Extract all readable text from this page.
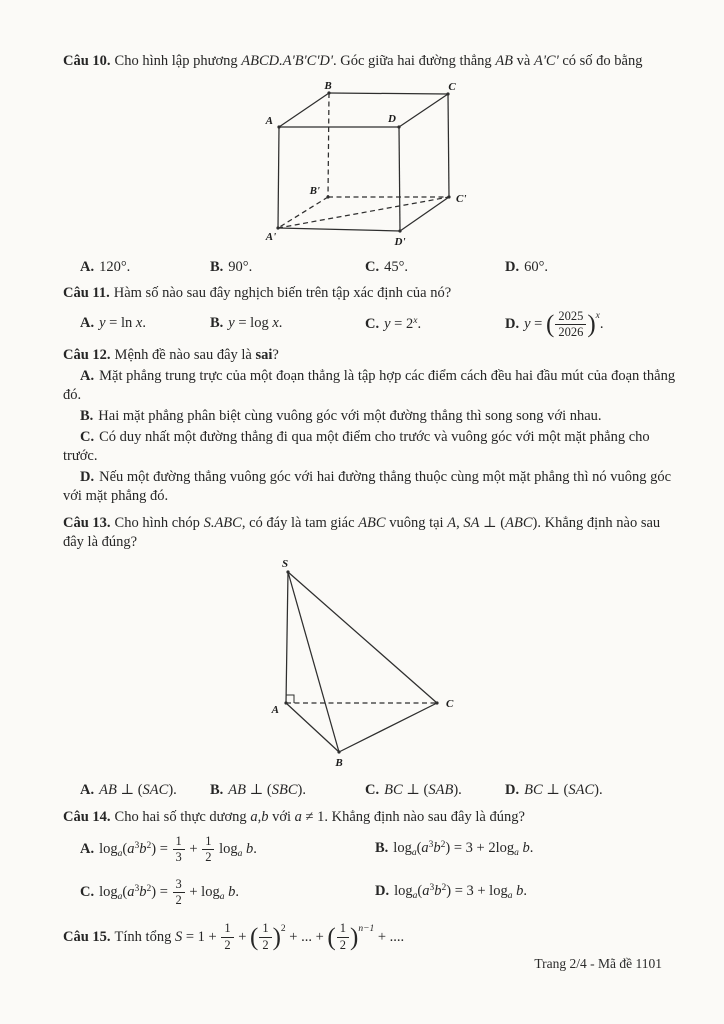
Câu 10. Cho hình lập phương ABCD.A'B'C'D'. Góc giữa hai đường thẳng AB và A'C' có số đo bằng

A
B	C
D
B'
C'
A'	D'
A. 120°.	B. 90°.	C. 45°.	D. 60°.

Câu 11. Hàm số nào sau đây nghịch biến trên tập xác định của nó?

A. y = ln x.	B. y = log x.	C. $y = 2^x$.	D. y = ( $\frac{2025}{2026} )^x$.

Câu 12. Mệnh đề nào sau đây là sai?

A. Mặt phẳng trung trực của một đoạn thẳng là tập hợp các điểm cách đều hai đầu mút của đoạn thẳng đó.

B. Hai mặt phẳng phân biệt cùng vuông góc với một đường thẳng thì song song với nhau.

C. Có duy nhất một đường thẳng đi qua một điểm cho trước và vuông góc với một mặt phẳng cho trước.

D. Nếu một đường thẳng vuông góc với hai đường thẳng thuộc cùng một mặt phẳng thì nó vuông góc với mặt phẳng đó.

Câu 13. Cho hình chóp S.ABC, có đáy là tam giác ABC vuông tại A, SA ⊥ (ABC). Khẳng định nào sau đây là đúng?

S
A	C
B
A. AB ⊥ (SAC).	B. AB ⊥ (SBC).	C. BC ⊥ (SAB).	D. BC ⊥ (SAC).

Câu 14. Cho hai số thực dương a,b với a ≠ 1. Khẳng định nào sau đây là đúng?

A. $\log_a(a^3b^2) = \frac{1}{3} + \frac{1}{2} \log_a b$.	B. $\log_a(a^3b^2) = 3 + 2\log_a$ b.
C. $\log_a(a^3b^2) = \frac{3}{2} + \log_a b$.	D. $\log_a(a^3b^2) = 3 + \log_a b$.

Câu 15. Tính tổng $S = 1 + \frac{1}{2}$ + ( $\frac{1}{2} )^2$ + ... + ( $\frac{1}{2} )^{n-1}$ + ....

Trang 2/4 - Mã đề 1101
